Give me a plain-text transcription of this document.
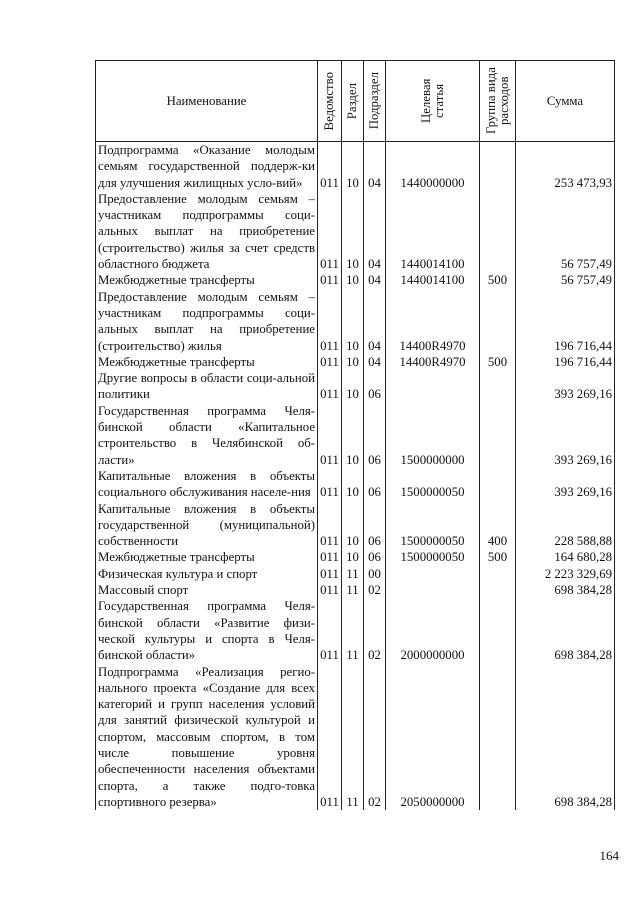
Наименование	Ведомство	Раздел	Подраздел	Целевая статья	Группа вида расходов	Сумма
Подпрограмма «Оказание молодым семьям государственной поддерж-ки для улучшения жилищных усло-вий»	011	10	04	1440000000		253 473,93
Предоставление молодым семьям – участникам подпрограммы соци-альных выплат на приобретение (строительство) жилья за счет средств областного бюджета	011	10	04	1440014100		56 757,49
Межбюджетные трансферты	011	10	04	1440014100	500	56 757,49
Предоставление молодым семьям – участникам подпрограммы соци-альных выплат на приобретение (строительство) жилья	011	10	04	14400R4970		196 716,44
Межбюджетные трансферты	011	10	04	14400R4970	500	196 716,44
Другие вопросы в области соци-альной политики	011	10	06			393 269,16
Государственная программа Челя-бинской области «Капитальное строительство в Челябинской об-ласти»	011	10	06	1500000000		393 269,16
Капитальные вложения в объекты социального обслуживания населе-ния	011	10	06	1500000050		393 269,16
Капитальные вложения в объекты государственной (муниципальной) собственности	011	10	06	1500000050	400	228 588,88
Межбюджетные трансферты	011	10	06	1500000050	500	164 680,28
Физическая культура и спорт	011	11	00			2 223 329,69
Массовый спорт	011	11	02			698 384,28
Государственная программа Челя-бинской области «Развитие физи-ческой культуры и спорта в Челя-бинской области»	011	11	02	2000000000		698 384,28
Подпрограмма «Реализация регио-нального проекта «Создание для всех категорий и групп населения условий для занятий физической культурой и спортом, массовым спортом, в том числе повышение уровня обеспеченности населения объектами спорта, а также подго-товка спортивного резерва»	011	11	02	2050000000		698 384,28
164
